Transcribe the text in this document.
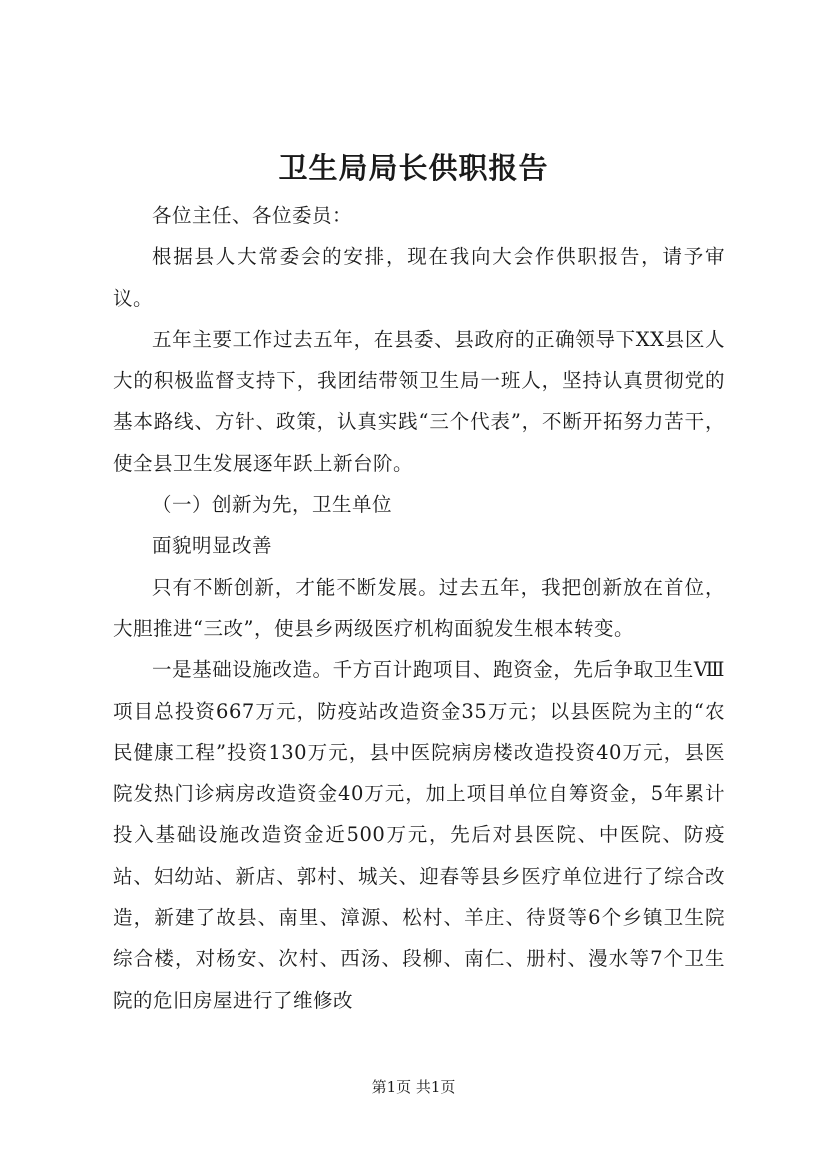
卫生局局长供职报告

各位主任、各位委员：

根据县人大常委会的安排，现在我向大会作供职报告，请予审议。

五年主要工作过去五年，在县委、县政府的正确领导下XX县区人大的积极监督支持下，我团结带领卫生局一班人，坚持认真贯彻党的基本路线、方针、政策，认真实践“三个代表”，不断开拓努力苦干，使全县卫生发展逐年跃上新台阶。

（一）创新为先，卫生单位

面貌明显改善

只有不断创新，才能不断发展。过去五年，我把创新放在首位，大胆推进“三改”，使县乡两级医疗机构面貌发生根本转变。

一是基础设施改造。千方百计跑项目、跑资金，先后争取卫生Ⅷ项目总投资667万元，防疫站改造资金35万元；以县医院为主的“农民健康工程”投资130万元，县中医院病房楼改造投资40万元，县医院发热门诊病房改造资金40万元，加上项目单位自筹资金，5年累计投入基础设施改造资金近500万元，先后对县医院、中医院、防疫站、妇幼站、新店、郭村、城关、迎春等县乡医疗单位进行了综合改造，新建了故县、南里、漳源、松村、羊庄、待贤等6个乡镇卫生院综合楼，对杨安、次村、西汤、段柳、南仁、册村、漫水等7个卫生院的危旧房屋进行了维修改

第1页 共1页
